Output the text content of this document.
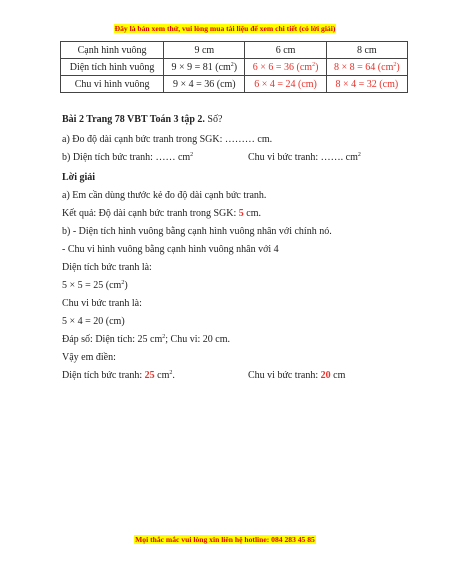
Đây là bản xem thử, vui lòng mua tài liệu để xem chi tiết (có lời giải)
Cạnh hình vuông	9 cm	6 cm	8 cm
Diện tích hình vuông	9 × 9 = 81 $(cm^2)$	6 × 6 = 36 $(cm^2)$	8 × 8 = 64 $(cm^2)$
Chu vi hình vuông	9 × 4 = 36 (cm)	6 × 4 = 24 (cm)	8 × 4 = 32 (cm)
Bài 2 Trang 78 VBT Toán 3 tập 2. Số?
a) Đo độ dài cạnh bức tranh trong SGK: ……… cm.
b) Diện tích bức tranh: …… $cm^2$	Chu vi bức tranh: ……. $cm^2$
Lời giải
a) Em cần dùng thước kẻ đo độ dài cạnh bức tranh.
Kết quả: Độ dài cạnh bức tranh trong SGK: 5 cm.
b) - Diện tích hình vuông bằng cạnh hình vuông nhân với chính nó.
- Chu vi hình vuông bằng cạnh hình vuông nhân với 4
Diện tích bức tranh là:
5 × 5 = 25 $(cm^2)$
Chu vi bức tranh là:
5 × 4 = 20 (cm)
Đáp số: Diện tích: 25 $cm^2$; Chu vi: 20 cm.
Vậy em điền:
Diện tích bức tranh: 25 $cm^2$.	Chu vi bức tranh: 20 cm
Mọi thắc mắc vui lòng xin liên hệ hotline: 084 283 45 85
